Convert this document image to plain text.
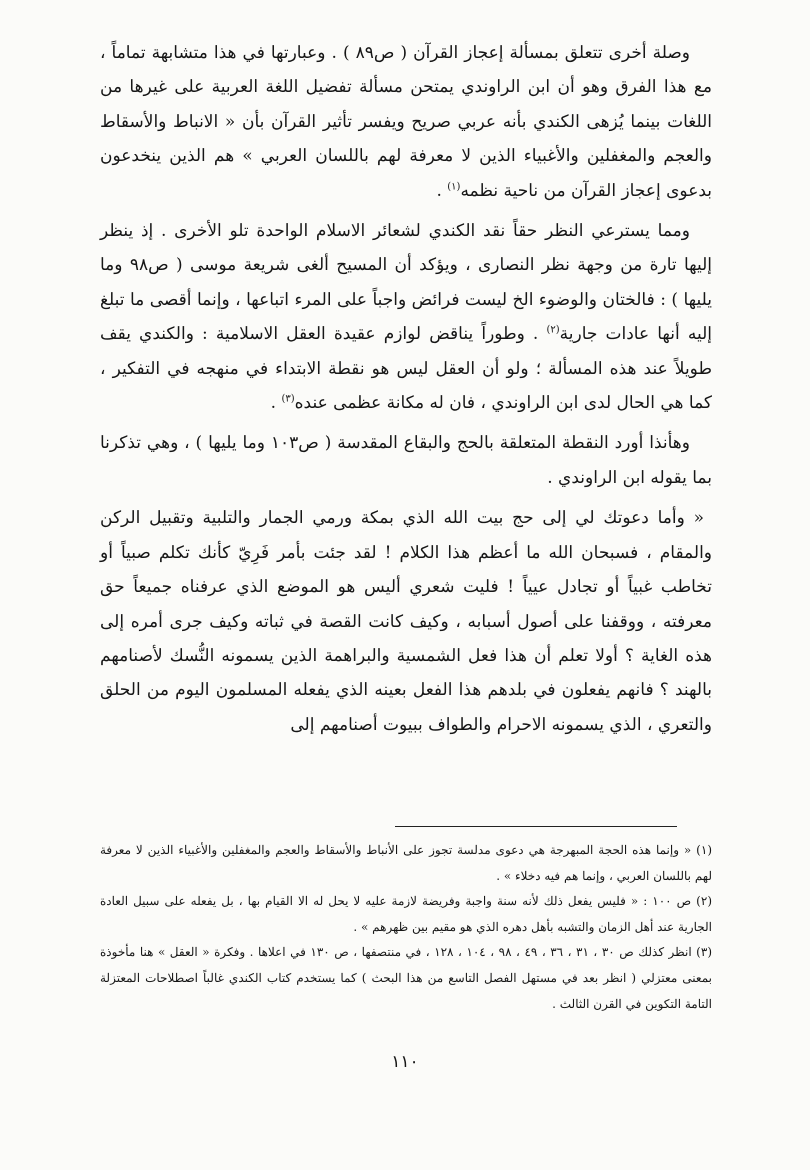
وصلة أخرى تتعلق بمسألة إعجاز القرآن ( ص٨٩ ) . وعبارتها في هذا متشابهة تماماً ، مع هذا الفرق وهو أن ابن الراوندي يمتحن مسألة تفضيل اللغة العربية على غيرها من اللغات بينما يُزهى الكندي بأنه عربي صريح ويفسر تأثير القرآن بأن « الانباط والأسقاط والعجم والمغفلين والأغبياء الذين لا معرفة لهم باللسان العربي » هم الذين ينخدعون بدعوى إعجاز القرآن من ناحية نظمه$^{(١)}$ .

ومما يسترعي النظر حقاً نقد الكندي لشعائر الاسلام الواحدة تلو الأخرى . إذ ينظر إليها تارة من وجهة نظر النصارى ، ويؤكد أن المسيح ألغى شريعة موسى ( ص٩٨ وما يليها ) : فالختان والوضوء الخ ليست فرائض واجباً على المرء اتباعها ، وإنما أقصى ما تبلغ إليه أنها عادات جارية$^{(٢)}$ . وطوراً يناقض لوازم عقيدة العقل الاسلامية : والكندي يقف طويلاً عند هذه المسألة ؛ ولو أن العقل ليس هو نقطة الابتداء في منهجه في التفكير ، كما هي الحال لدى ابن الراوندي ، فان له مكانة عظمى عنده$^{(٣)}$ .

وهأنذا أورد النقطة المتعلقة بالحج والبقاع المقدسة ( ص١٠٣ وما يليها ) ، وهي تذكرنا بما يقوله ابن الراوندي .

« وأما دعوتك لي إلى حج بيت الله الذي بمكة ورمي الجمار والتلبية وتقبيل الركن والمقام ، فسبحان الله ما أعظم هذا الكلام ! لقد جئت بأمر فَرِيّ كأنك تكلم صبياً أو تخاطب غبياً أو تجادل عيياً ! فليت شعري أليس هو الموضع الذي عرفناه جميعاً حق معرفته ، ووقفنا على أصول أسبابه ، وكيف كانت القصة في ثباته وكيف جرى أمره إلى هذه الغاية ؟ أولا تعلم أن هذا فعل الشمسية والبراهمة الذين يسمونه النُّسك لأصنامهم بالهند ؟ فانهم يفعلون في بلدهم هذا الفعل بعينه الذي يفعله المسلمون اليوم من الحلق والتعري ، الذي يسمونه الاحرام والطواف ببيوت أصنامهم إلى

(١) « وإنما هذه الحجة المبهرجة هي دعوى مدلسة تجوز على الأنباط والأسقاط والعجم والمغفلين والأغبياء الذين لا معرفة لهم باللسان العربي ، وإنما هم فيه دخلاء » .

(٢) ص ١٠٠ : « فليس يفعل ذلك لأنه سنة واجبة وفريضة لازمة عليه لا يحل له الا القيام بها ، بل يفعله على سبيل العادة الجارية عند أهل الزمان والتشبه بأهل دهره الذي هو مقيم بين ظهرهم » .

(٣) انظر كذلك ص ٣٠ ، ٣١ ، ٣٦ ، ٤٩ ، ٩٨ ، ١٠٤ ، ١٢٨ ، في منتصفها ، ص ١٣٠ في اعلاها . وفكرة « العقل » هنا مأخوذة بمعنى معتزلي ( انظر بعد في مستهل الفصل التاسع من هذا البحث ) كما يستخدم كتاب الكندي غالباً اصطلاحات المعتزلة التامة التكوين في القرن الثالث .

١١٠
